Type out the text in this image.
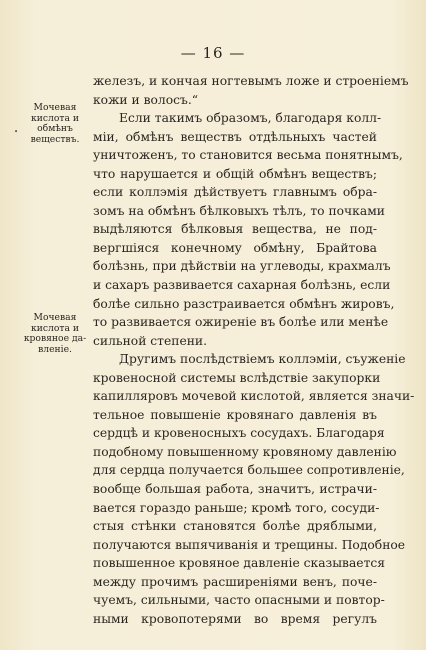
— 16 —
Мочевая
кислота и
обмѣнъ
веществъ.
•
Мочевая
кислота и
кровяное да-
вленіе.
железъ, и кончая ногтевымъ ложе и строеніемъ
кожи и волосъ.“
Если такимъ образомъ, благодаря колл-
міи, обмѣнъ веществъ отдѣльныхъ частей
уничтоженъ, то становится весьма понятнымъ,
что нарушается и общій обмѣнъ веществъ;
если коллэмія дѣйствуетъ главнымъ обра-
зомъ на обмѣнъ бѣлковыхъ тѣлъ, то почками
выдѣляются бѣлковыя вещества, не под-
вергшіяся конечному обмѣну, Брайтова
болѣзнь, при дѣйствіи на углеводы, крахмалъ
и сахаръ развивается сахарная болѣзнь, если
болѣе сильно разстраивается обмѣнъ жировъ,
то развивается ожиреніе въ болѣе или менѣе
сильной степени.
Другимъ послѣдствіемъ коллэміи, съуженіе
кровеносной системы вслѣдствіе закупорки
капилляровъ мочевой кислотой, является значи-
тельное повышеніе кровянаго давленія въ
сердцѣ и кровеносныхъ сосудахъ. Благодаря
подобному повышенному кровяному давленію
для сердца получается большее сопротивленіе,
вообще большая работа, значитъ, истрачи-
вается гораздо раньше; кромѣ того, сосуди-
стыя стѣнки становятся болѣе дряблыми,
получаются выпячиванія и трещины. Подобное
повышенное кровяное давленіе сказывается
между прочимъ расширеніями венъ, поче-
чуемъ, сильными, часто опасными и повтор-
ными кровопотерями во время регулъ
